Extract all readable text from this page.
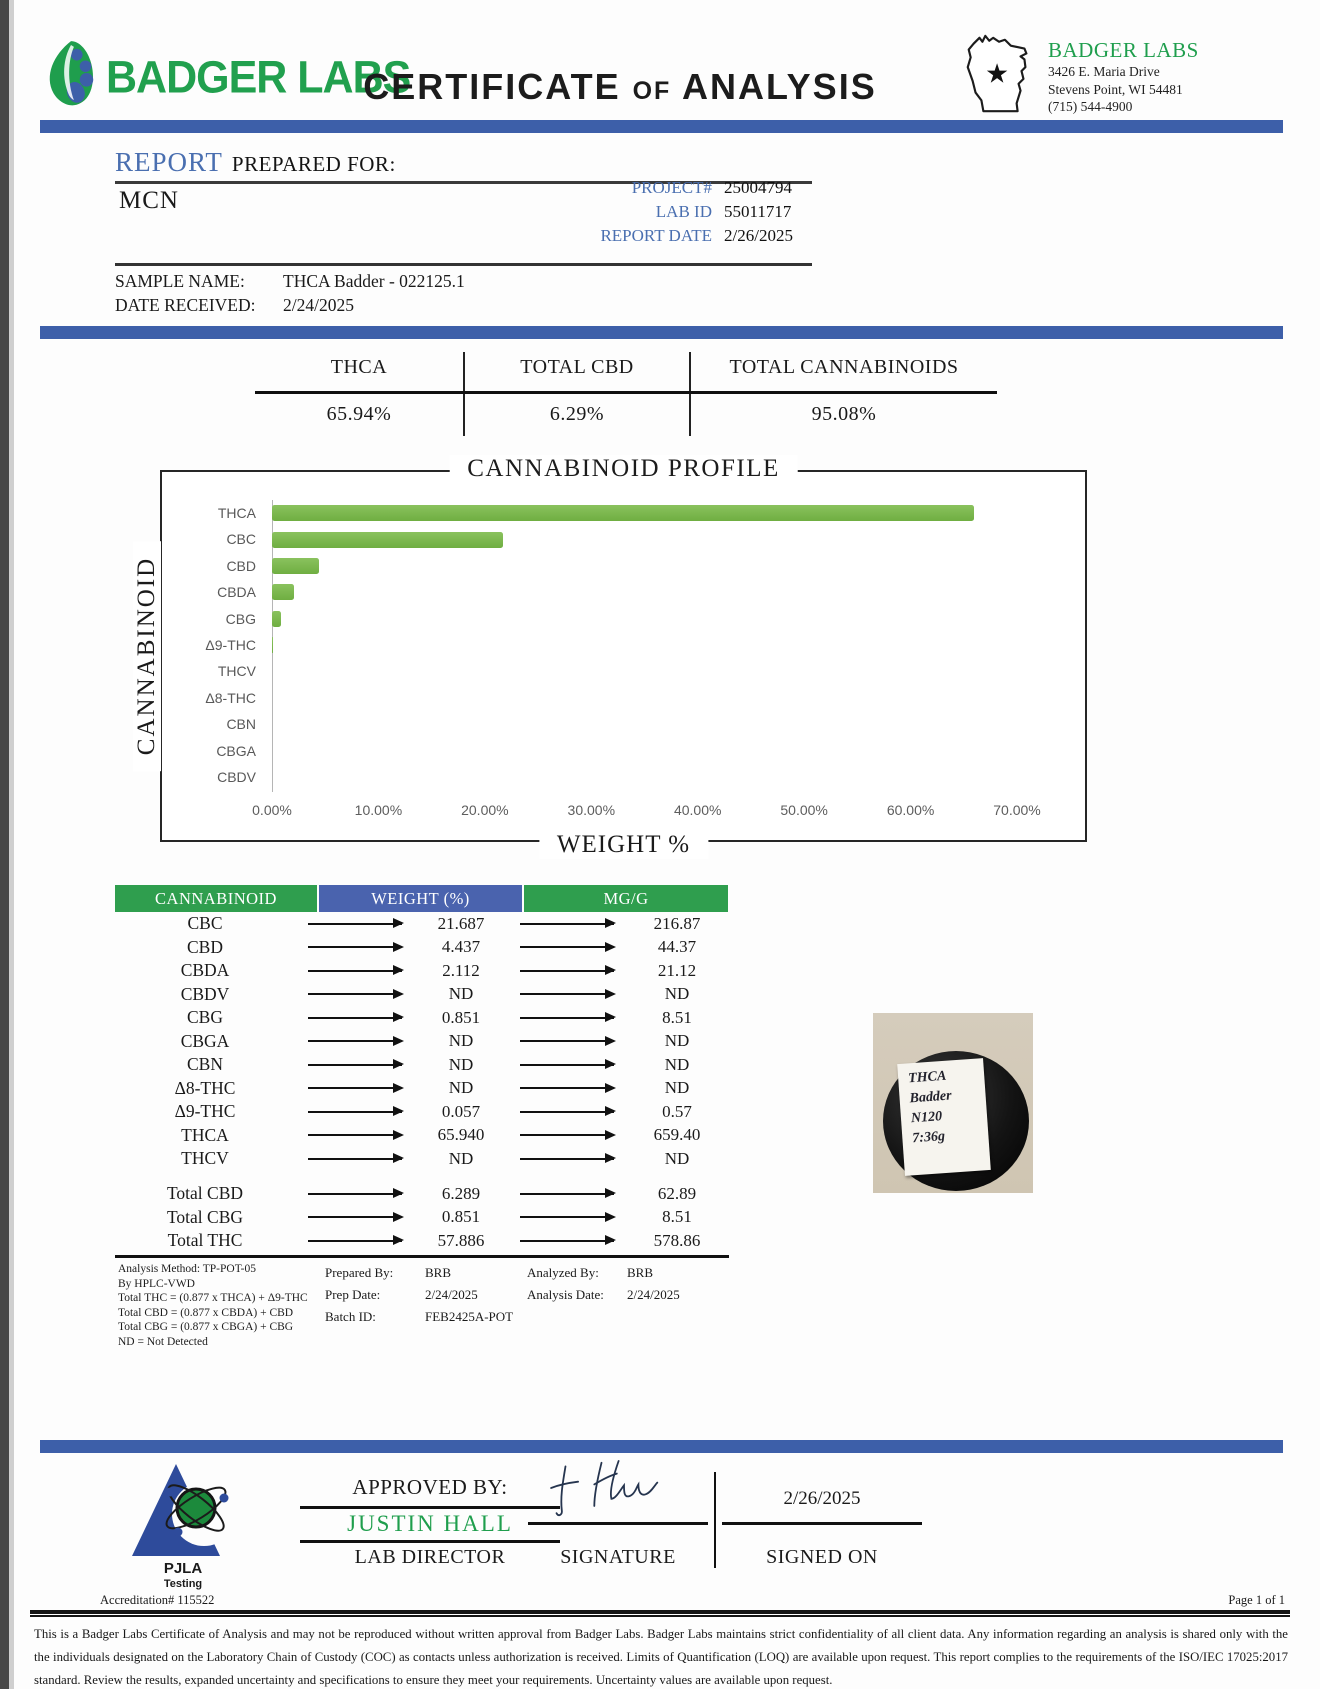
BADGER LABS
CERTIFICATE of ANALYSIS
BADGER LABS
3426 E. Maria Drive
Stevens Point, WI 54481
(715) 544-4900
REPORT PREPARED FOR:
MCN	PROJECT# 25004794
LAB ID 55011717
REPORT DATE 2/26/2025
SAMPLE NAME:	THCA Badder - 022125.1
DATE RECEIVED:	2/24/2025
THCA	TOTAL CBD	TOTAL CANNABINOIDS
65.94%	6.29%	95.08%
CANNABINOID PROFILE
CANNABINOID
WEIGHT %
THCA
CBC
CBD
CBDA
CBG
Δ9-THC
THCV
Δ8-THC
CBN
CBGA
CBDV
0.00%	10.00%	20.00%	30.00%	40.00%	50.00%	60.00%	70.00%
CANNABINOID	WEIGHT (%)	MG/G
CBC	21.687	216.87
CBD	4.437	44.37
CBDA	2.112	21.12
CBDV	ND	ND
CBG	0.851	8.51
CBGA	ND	ND
CBN	ND	ND
Δ8-THC	ND	ND
Δ9-THC	0.057	0.57
THCA	65.940	659.40
THCV	ND	ND
Total CBD	6.289	62.89
Total CBG	0.851	8.51
Total THC	57.886	578.86
Analysis Method: TP-POT-05
By HPLC-VWD
Total THC = (0.877 x THCA) + Δ9-THC
Total CBD = (0.877 x CBDA) + CBD
Total CBG = (0.877 x CBGA) + CBG
ND = Not Detected
Prepared By:	BRB
Prep Date:	2/24/2025
Batch ID:	FEB2425A-POT
Analyzed By:	BRB
Analysis Date:	2/24/2025
THCA
Badder
N120
7:36g
PJLA
Testing
Accreditation# 115522
APPROVED BY:
JUSTIN HALL
LAB DIRECTOR	SIGNATURE
2/26/2025
SIGNED ON
Page 1 of 1
This is a Badger Labs Certificate of Analysis and may not be reproduced without written approval from Badger Labs. Badger Labs maintains strict confidentiality of all client data. Any information regarding an analysis is shared only with the the individuals designated on the Laboratory Chain of Custody (COC) as contacts unless authorization is received. Limits of Quantification (LOQ) are available upon request. This report complies to the requirements of the ISO/IEC 17025:2017 standard. Review the results, expanded uncertainty and specifications to ensure they meet your requirements. Uncertainty values are available upon request.
